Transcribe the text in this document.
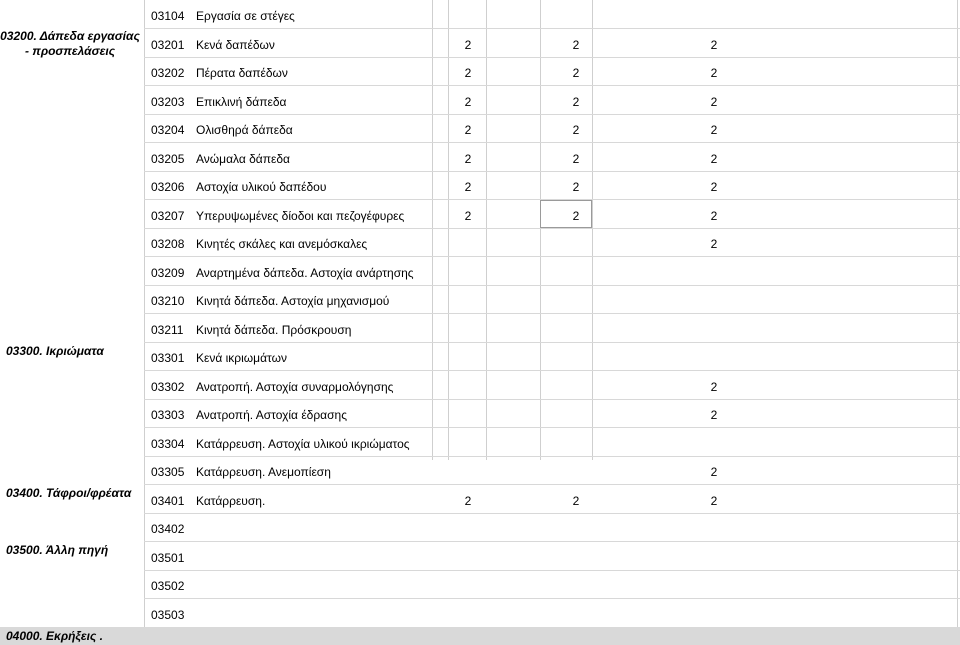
03200. Δάπεδα εργασίας - προσπελάσεις
03300. Ικριώματα
03400. Τάφροι/φρέατα
03500. Άλλη πηγή
03104 Εργασία σε στέγες
03201 Κενά δαπέδων	2	2	2
03202 Πέρατα δαπέδων	2	2	2
03203 Επικλινή δάπεδα	2	2	2
03204 Ολισθηρά δάπεδα	2	2	2
03205 Ανώμαλα δάπεδα	2	2	2
03206 Αστοχία υλικού δαπέδου	2	2	2
03207 Υπερυψωμένες δίοδοι και πεζογέφυρες	2	2	2
03208 Κινητές σκάλες και ανεμόσκαλες	2
03209 Αναρτημένα δάπεδα. Αστοχία ανάρτησης
03210 Κινητά δάπεδα. Αστοχία μηχανισμού
03211 Κινητά δάπεδα. Πρόσκρουση
03301 Κενά ικριωμάτων
03302 Ανατροπή. Αστοχία συναρμολόγησης	2
03303 Ανατροπή. Αστοχία έδρασης	2
03304 Κατάρρευση. Αστοχία υλικού ικριώματος
03305 Κατάρρευση. Ανεμοπίεση	2
03401 Κατάρρευση.	2	2	2
03402
03501
03502
03503
04000. Εκρήξεις .
